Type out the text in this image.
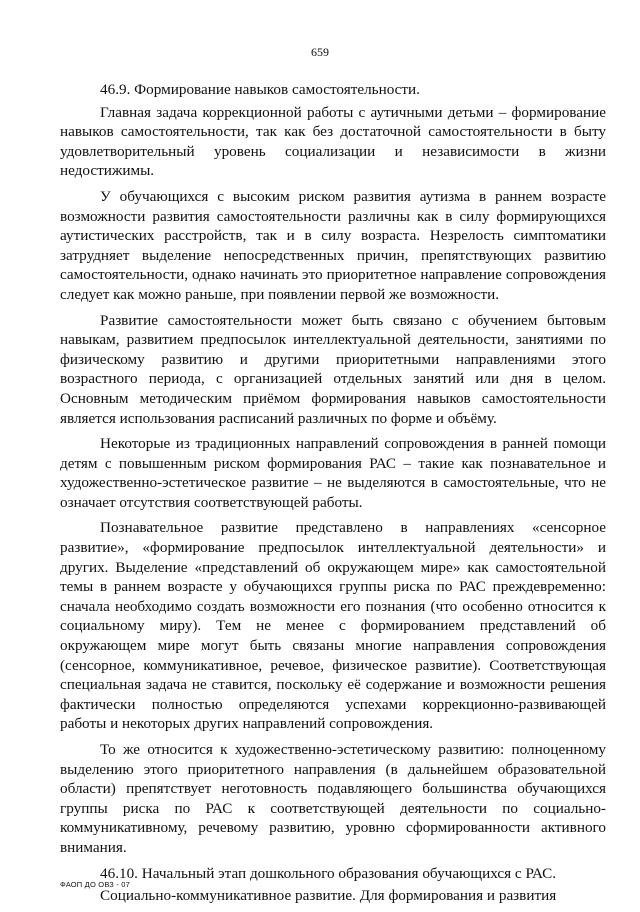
659

46.9. Формирование навыков самостоятельности.

Главная задача коррекционной работы с аутичными детьми – формирование навыков самостоятельности, так как без достаточной самостоятельности в быту удовлетворительный уровень социализации и независимости в жизни недостижимы.

У обучающихся с высоким риском развития аутизма в раннем возрасте возможности развития самостоятельности различны как в силу формирующихся аутистических расстройств, так и в силу возраста. Незрелость симптоматики затрудняет выделение непосредственных причин, препятствующих развитию самостоятельности, однако начинать это приоритетное направление сопровождения следует как можно раньше, при появлении первой же возможности.

Развитие самостоятельности может быть связано с обучением бытовым навыкам, развитием предпосылок интеллектуальной деятельности, занятиями по физическому развитию и другими приоритетными направлениями этого возрастного периода, с организацией отдельных занятий или дня в целом. Основным методическим приёмом формирования навыков самостоятельности является использования расписаний различных по форме и объёму.

Некоторые из традиционных направлений сопровождения в ранней помощи детям с повышенным риском формирования РАС – такие как познавательное и художественно-эстетическое развитие – не выделяются в самостоятельные, что не означает отсутствия соответствующей работы.

Познавательное развитие представлено в направлениях «сенсорное развитие», «формирование предпосылок интеллектуальной деятельности» и других. Выделение «представлений об окружающем мире» как самостоятельной темы в раннем возрасте у обучающихся группы риска по РАС преждевременно: сначала необходимо создать возможности его познания (что особенно относится к социальному миру). Тем не менее с формированием представлений об окружающем мире могут быть связаны многие направления сопровождения (сенсорное, коммуникативное, речевое, физическое развитие). Соответствующая специальная задача не ставится, поскольку её содержание и возможности решения фактически полностью определяются успехами коррекционно-развивающей работы и некоторых других направлений сопровождения.

То же относится к художественно-эстетическому развитию: полноценному выделению этого приоритетного направления (в дальнейшем образовательной области) препятствует неготовность подавляющего большинства обучающихся группы риска по РАС к соответствующей деятельности по социально-коммуникативному, речевому развитию, уровню сформированности активного внимания.

46.10. Начальный этап дошкольного образования обучающихся с РАС.

Социально-коммуникативное развитие. Для формирования и развития

ФАОП ДО ОВЗ - 07
